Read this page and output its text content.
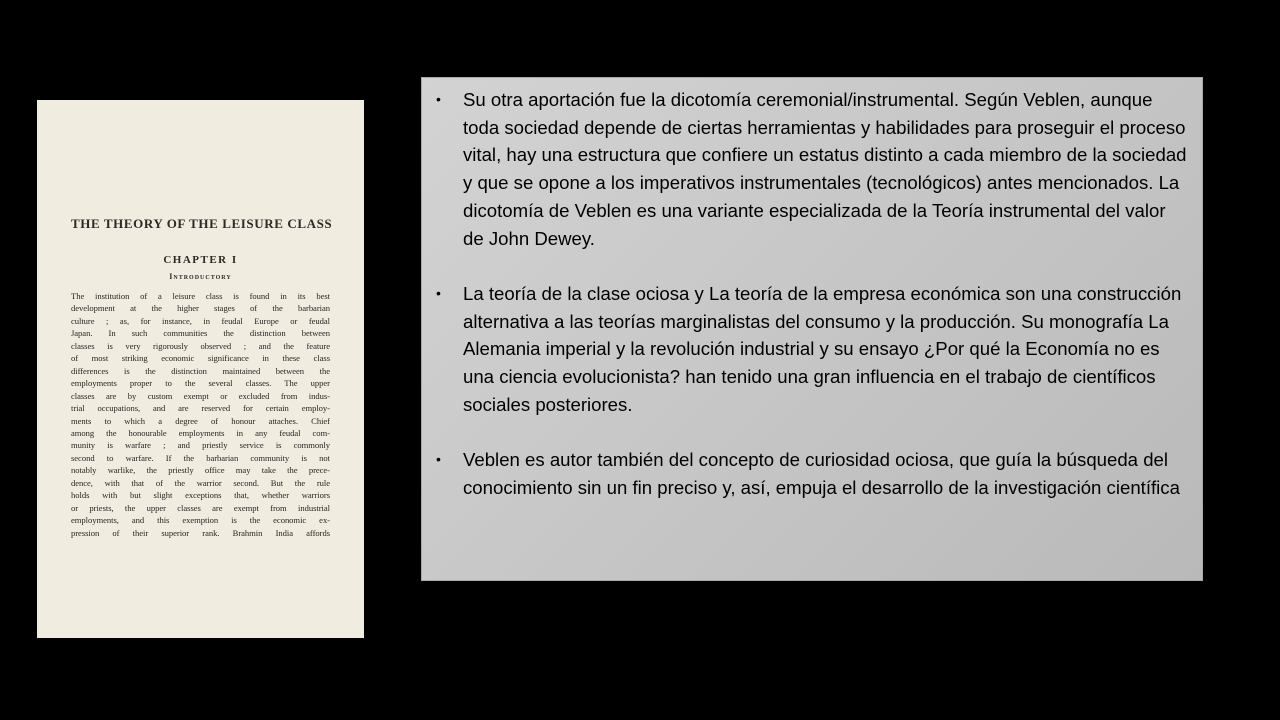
THE THEORY OF THE LEISURE CLASS
CHAPTER I
Introductory
The institution of a leisure class is found in its best
development at the higher stages of the barbarian
culture ; as, for instance, in feudal Europe or feudal
Japan. In such communities the distinction between
classes is very rigorously observed ; and the feature
of most striking economic significance in these class
differences is the distinction maintained between the
employments proper to the several classes. The upper
classes are by custom exempt or excluded from indus-
trial occupations, and are reserved for certain employ-
ments to which a degree of honour attaches. Chief
among the honourable employments in any feudal com-
munity is warfare ; and priestly service is commonly
second to warfare. If the barbarian community is not
notably warlike, the priestly office may take the prece-
dence, with that of the warrior second. But the rule
holds with but slight exceptions that, whether warriors
or priests, the upper classes are exempt from industrial
employments, and this exemption is the economic ex-
pression of their superior rank. Brahmin India affords
• Su otra aportación fue la dicotomía ceremonial/instrumental. Según Veblen, aunque toda sociedad depende de ciertas herramientas y habilidades para proseguir el proceso vital, hay una estructura que confiere un estatus distinto a cada miembro de la sociedad y que se opone a los imperativos instrumentales (tecnológicos) antes mencionados. La dicotomía de Veblen es una variante especializada de la Teoría instrumental del valor de John Dewey.
• La teoría de la clase ociosa y La teoría de la empresa económica son una construcción alternativa a las teorías marginalistas del consumo y la producción. Su monografía La Alemania imperial y la revolución industrial y su ensayo ¿Por qué la Economía no es una ciencia evolucionista? han tenido una gran influencia en el trabajo de científicos sociales posteriores.
• Veblen es autor también del concepto de curiosidad ociosa, que guía la búsqueda del conocimiento sin un fin preciso y, así, empuja el desarrollo de la investigación científica
